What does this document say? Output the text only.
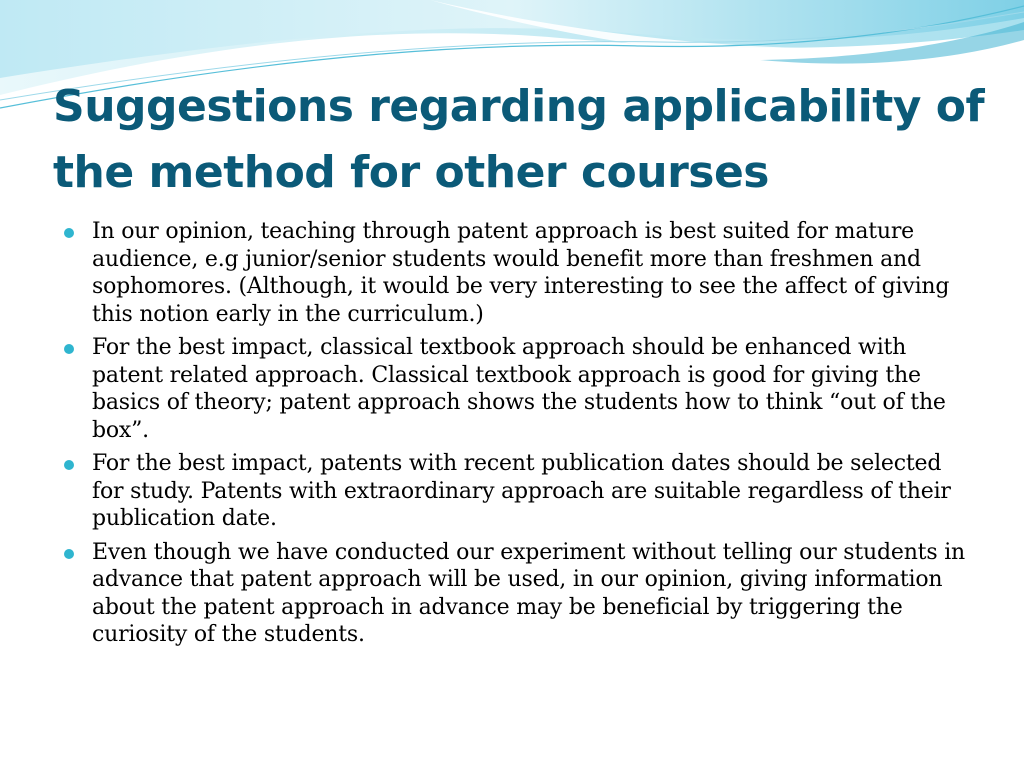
Suggestions regarding applicability of the method for other courses
In our opinion, teaching through patent approach is best suited for mature audience, e.g junior/senior students would benefit more than freshmen and sophomores. (Although, it would be very interesting to see the affect of giving this notion early in the curriculum.)
For the best impact, classical textbook approach should be enhanced with patent related approach. Classical textbook approach is good for giving the basics of theory; patent approach shows the students how to think “out of the box”.
For the best impact, patents with recent publication dates should be selected for study. Patents with extraordinary approach are suitable regardless of their publication date.
Even though we have conducted our experiment without telling our students in advance that patent approach will be used, in our opinion, giving information about the patent approach in advance may be beneficial by triggering the curiosity of the students.
